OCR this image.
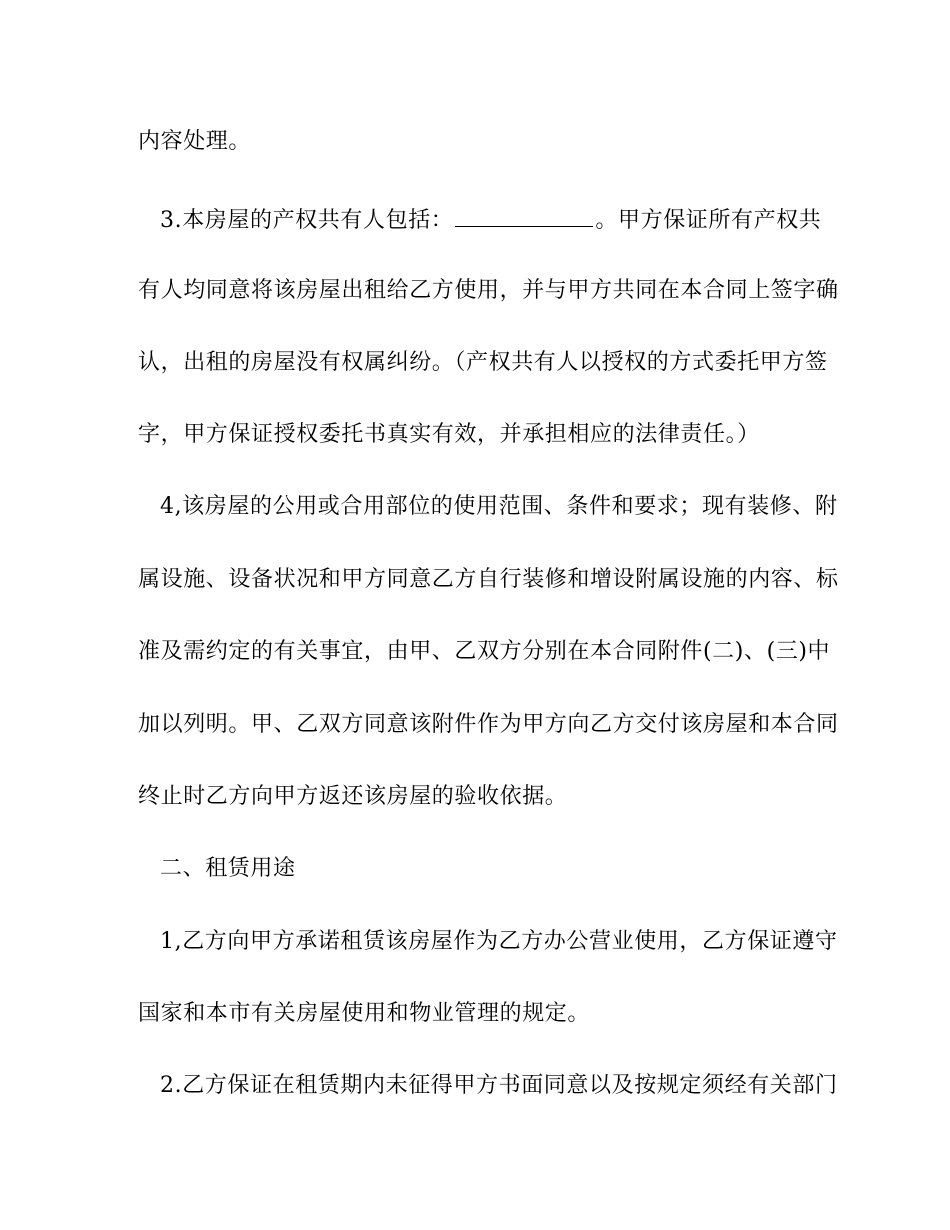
内容处理。
3.本房屋的产权共有人包括：	。甲方保证所有产权共
有人均同意将该房屋出租给乙方使用，并与甲方共同在本合同上签字确
认，出租的房屋没有权属纠纷。（产权共有人以授权的方式委托甲方签
字，甲方保证授权委托书真实有效，并承担相应的法律责任。）
4,该房屋的公用或合用部位的使用范围、条件和要求；现有装修、附
属设施、设备状况和甲方同意乙方自行装修和增设附属设施的内容、标
准及需约定的有关事宜，由甲、乙双方分别在本合同附件(二)、(三)中
加以列明。甲、乙双方同意该附件作为甲方向乙方交付该房屋和本合同
终止时乙方向甲方返还该房屋的验收依据。
二、租赁用途
1,乙方向甲方承诺租赁该房屋作为乙方办公营业使用，乙方保证遵守
国家和本市有关房屋使用和物业管理的规定。
2.乙方保证在租赁期内未征得甲方书面同意以及按规定须经有关部门
